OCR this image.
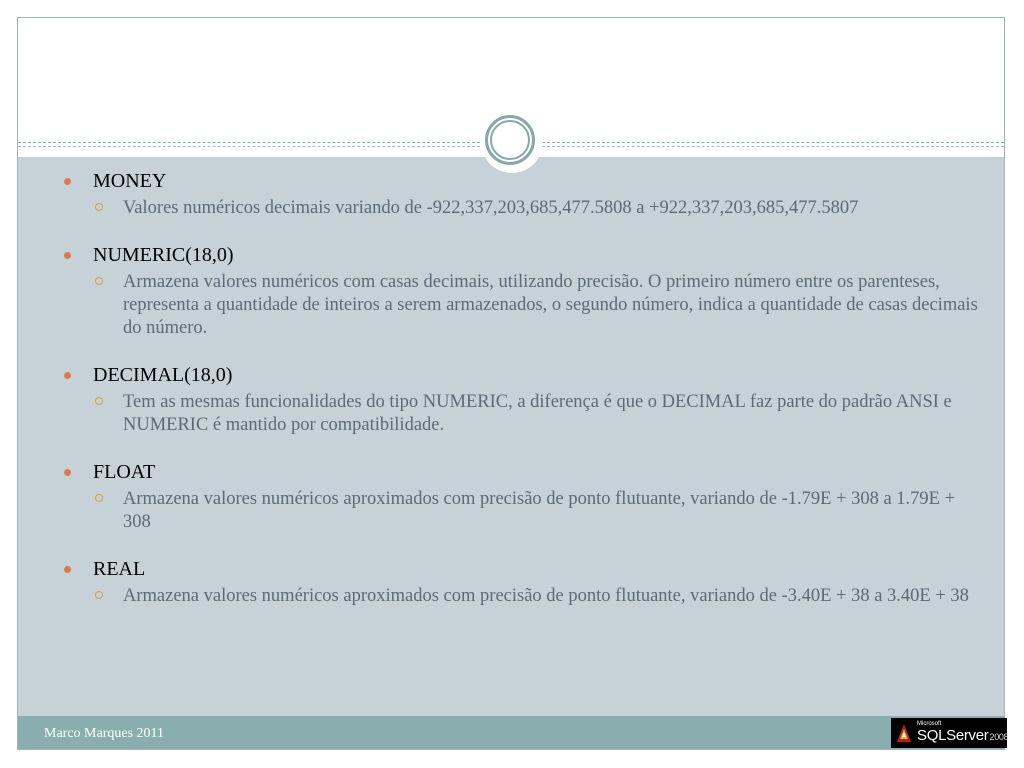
MONEY
Valores numéricos decimais variando de -922,337,203,685,477.5808 a +922,337,203,685,477.5807
NUMERIC(18,0)
Armazena valores numéricos com casas decimais, utilizando precisão. O primeiro número entre os parenteses, representa a quantidade de inteiros a serem armazenados, o segundo número, indica a quantidade de casas decimais do número.
DECIMAL(18,0)
Tem as mesmas funcionalidades do tipo NUMERIC, a diferença é que o DECIMAL faz parte do padrão ANSI e NUMERIC é mantido por compatibilidade.
FLOAT
Armazena valores numéricos aproximados com precisão de ponto flutuante, variando de -1.79E + 308 a 1.79E + 308
REAL
Armazena valores numéricos aproximados com precisão de ponto flutuante, variando de -3.40E + 38 a 3.40E + 38
Marco Marques 2011
Microsoft
SQLServer2008
